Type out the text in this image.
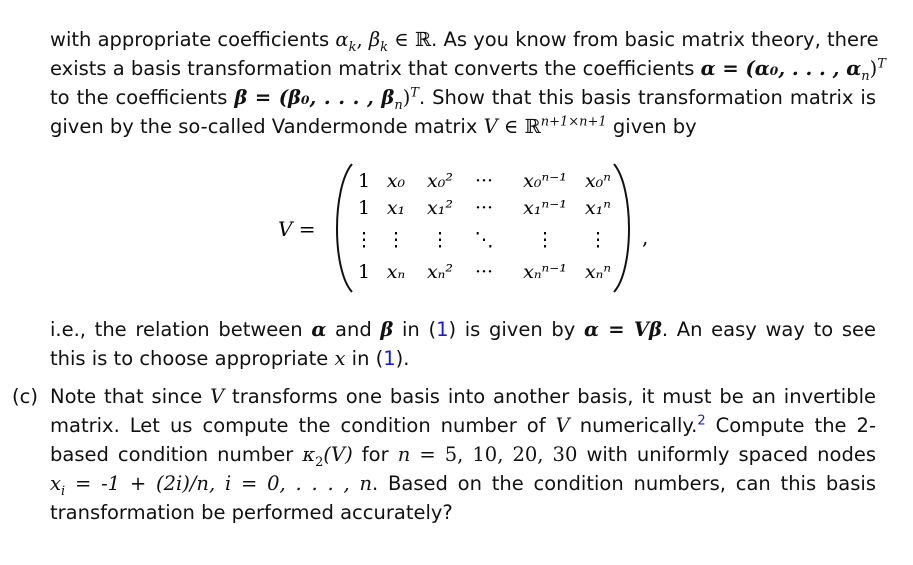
with appropriate coefficients $\alpha_k$, $\beta_k$ ∈ ℝ. As you know from basic matrix theory, there
exists a basis transformation matrix that converts the coefficients α = (α₀, . . . , $\alpha_n)^T$
to the coefficients β = (β₀, . . . , $\beta_n)^T$. Show that this basis transformation matrix is
given by the so-called Vandermonde matrix V ∈ ℝ$^{n+1\times n+1}$ given by
V =	,
1 x₀ x₀² ··· x₀ⁿ⁻¹ x₀ⁿ
1 x₁ x₁² ··· x₁ⁿ⁻¹ x₁ⁿ
⋮ ⋮ ⋮ ⋱ ⋮ ⋮
1 xₙ xₙ² ··· xₙⁿ⁻¹ xₙⁿ
i.e., the relation between α and β in (1) is given by α = Vβ. An easy way to see
this is to choose appropriate x in (1).
(c) Note that since V transforms one basis into another basis, it must be an invertible
matrix. Let us compute the condition number of V numerically.$^2$ Compute the 2-
based condition number $\kappa_2(V)$ for n = 5, 10, 20, 30 with uniformly spaced nodes
$x_i = -1 + (2i)/n$, i = 0, . . . , n. Based on the condition numbers, can this basis
transformation be performed accurately?
